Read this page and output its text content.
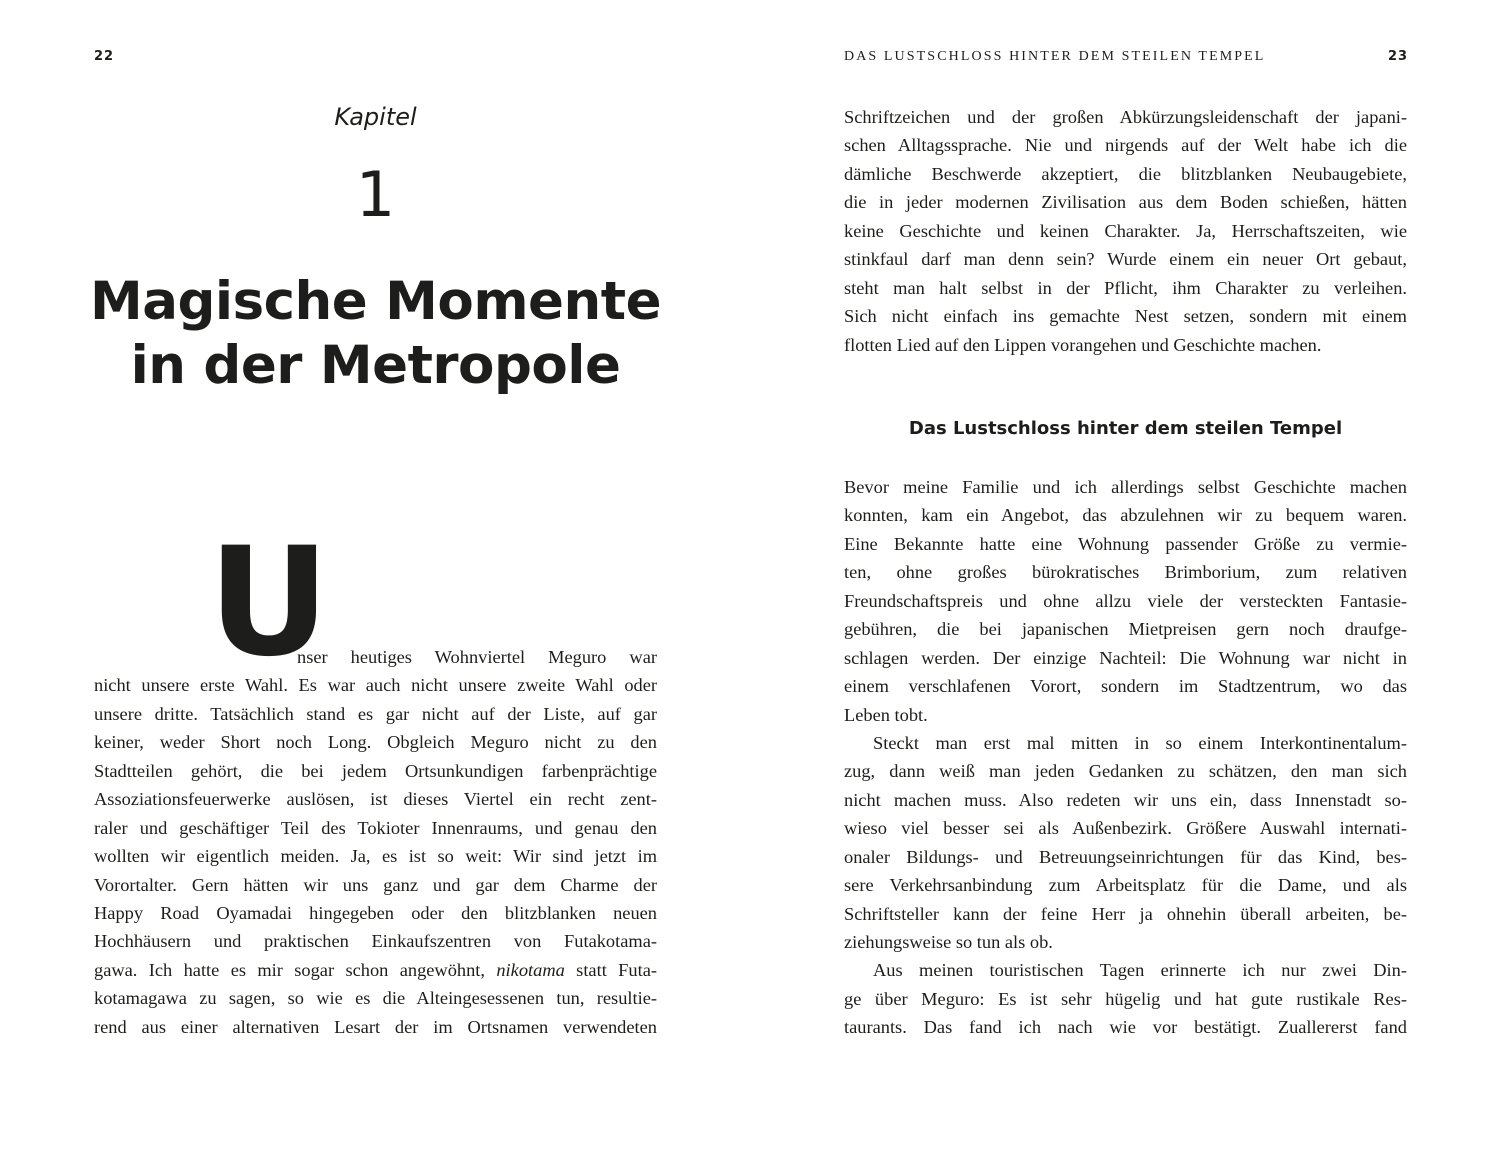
22	DAS LUSTSCHLOSS HINTER DEM STEILEN TEMPEL	23
Kapitel
1
Magische Momente
in der Metropole
U
nser heutiges Wohnviertel Meguro war
nicht unsere erste Wahl. Es war auch nicht unsere zweite Wahl oder
unsere dritte. Tatsächlich stand es gar nicht auf der Liste, auf gar
keiner, weder Short noch Long. Obgleich Meguro nicht zu den
Stadtteilen gehört, die bei jedem Ortsunkundigen farbenprächtige
Assoziationsfeuerwerke auslösen, ist dieses Viertel ein recht zent-
raler und geschäftiger Teil des Tokioter Innenraums, und genau den
wollten wir eigentlich meiden. Ja, es ist so weit: Wir sind jetzt im
Vorortalter. Gern hätten wir uns ganz und gar dem Charme der
Happy Road Oyamadai hingegeben oder den blitzblanken neuen
Hochhäusern und praktischen Einkaufszentren von Futakotama-
gawa. Ich hatte es mir sogar schon angewöhnt, nikotama statt Futa-
kotamagawa zu sagen, so wie es die Alteingesessenen tun, resultie-
rend aus einer alternativen Lesart der im Ortsnamen verwendeten
Schriftzeichen und der großen Abkürzungsleidenschaft der japani-
schen Alltagssprache. Nie und nirgends auf der Welt habe ich die
dämliche Beschwerde akzeptiert, die blitzblanken Neubaugebiete,
die in jeder modernen Zivilisation aus dem Boden schießen, hätten
keine Geschichte und keinen Charakter. Ja, Herrschaftszeiten, wie
stinkfaul darf man denn sein? Wurde einem ein neuer Ort gebaut,
steht man halt selbst in der Pflicht, ihm Charakter zu verleihen.
Sich nicht einfach ins gemachte Nest setzen, sondern mit einem
flotten Lied auf den Lippen vorangehen und Geschichte machen.
Das Lustschloss hinter dem steilen Tempel
Bevor meine Familie und ich allerdings selbst Geschichte machen
konnten, kam ein Angebot, das abzulehnen wir zu bequem waren.
Eine Bekannte hatte eine Wohnung passender Größe zu vermie-
ten, ohne großes bürokratisches Brimborium, zum relativen
Freundschaftspreis und ohne allzu viele der versteckten Fantasie-
gebühren, die bei japanischen Mietpreisen gern noch draufge-
schlagen werden. Der einzige Nachteil: Die Wohnung war nicht in
einem verschlafenen Vorort, sondern im Stadtzentrum, wo das
Leben tobt.
Steckt man erst mal mitten in so einem Interkontinentalum-
zug, dann weiß man jeden Gedanken zu schätzen, den man sich
nicht machen muss. Also redeten wir uns ein, dass Innenstadt so-
wieso viel besser sei als Außenbezirk. Größere Auswahl internati-
onaler Bildungs- und Betreuungseinrichtungen für das Kind, bes-
sere Verkehrsanbindung zum Arbeitsplatz für die Dame, und als
Schriftsteller kann der feine Herr ja ohnehin überall arbeiten, be-
ziehungsweise so tun als ob.
Aus meinen touristischen Tagen erinnerte ich nur zwei Din-
ge über Meguro: Es ist sehr hügelig und hat gute rustikale Res-
taurants. Das fand ich nach wie vor bestätigt. Zuallererst fand
